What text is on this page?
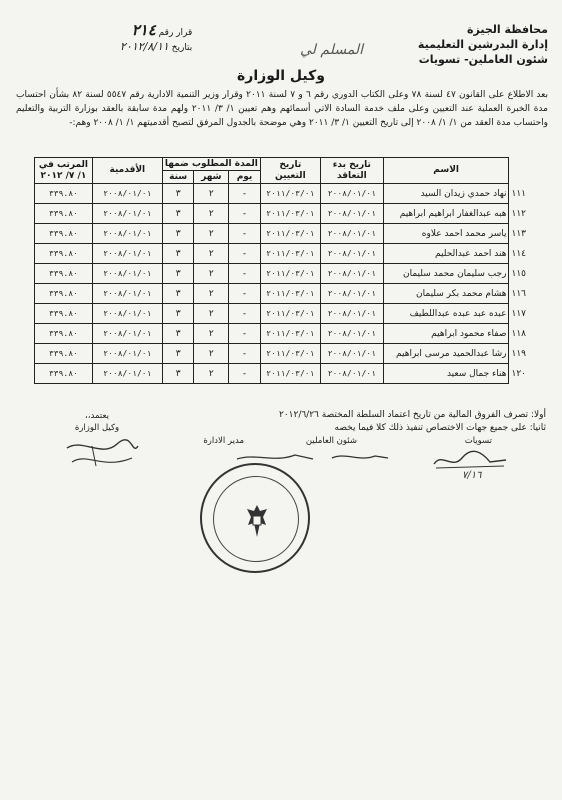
محافظة الجيزة
إدارة البدرشين التعليمية
شئون العاملين- تسويات
قرار رقم ٢١٤
بتاريخ ٢٠١٢/٨/١١	المسلم لي
وكيل الوزارة
بعد الاطلاع على القانون ٤٧ لسنة ٧٨ وعلى الكتاب الدوري رقم ٦ و ٧ لسنة ٢٠١١ وقرار وزير التنمية الادارية رقم ٥٥٤٧ لسنة ٨٢ بشأن احتساب مدة الخبرة العملية عند التعيين وعلى ملف خدمة السادة الاتي أسمائهم وهم تعيين ١/ ٣/ ٢٠١١ ولهم مدة سابقة بالعقد بوزارة التربية والتعليم واحتساب مدة العقد من ١/ ١/ ٢٠٠٨ إلى تاريخ التعيين ١/ ٣/ ٢٠١١ وهي موضحة بالجدول المرفق لتصبح أقدميتهم ١/ ١/ ٢٠٠٨ وهم:-
	الاسم	تاريخ بدء التعاقد	تاريخ التعيين	المدة المطلوب ضمها			الأقدمية	المرتب في ١/ ٧/ ٢٠١٢
				يوم	شهر	سنة		
١١١	نهاد حمدي زيدان السيد	٢٠٠٨/٠١/٠١	٢٠١١/٠٣/٠١	-	٢	٣	٢٠٠٨/٠١/٠١	٣٣٩.٨٠
١١٢	هبه عبدالغفار ابراهيم ابراهيم	٢٠٠٨/٠١/٠١	٢٠١١/٠٣/٠١	-	٢	٣	٢٠٠٨/٠١/٠١	٣٣٩.٨٠
١١٣	ياسر محمد احمد علاوه	٢٠٠٨/٠١/٠١	٢٠١١/٠٣/٠١	-	٢	٣	٢٠٠٨/٠١/٠١	٣٣٩.٨٠
١١٤	هند احمد عبدالحليم	٢٠٠٨/٠١/٠١	٢٠١١/٠٣/٠١	-	٢	٣	٢٠٠٨/٠١/٠١	٣٣٩.٨٠
١١٥	رجب سليمان محمد سليمان	٢٠٠٨/٠١/٠١	٢٠١١/٠٣/٠١	-	٢	٣	٢٠٠٨/٠١/٠١	٣٣٩.٨٠
١١٦	هشام محمد بكر سليمان	٢٠٠٨/٠١/٠١	٢٠١١/٠٣/٠١	-	٢	٣	٢٠٠٨/٠١/٠١	٣٣٩.٨٠
١١٧	عبده عبد عبده عبداللطيف	٢٠٠٨/٠١/٠١	٢٠١١/٠٣/٠١	-	٢	٣	٢٠٠٨/٠١/٠١	٣٣٩.٨٠
١١٨	صفاء محمود ابراهيم	٢٠٠٨/٠١/٠١	٢٠١١/٠٣/٠١	-	٢	٣	٢٠٠٨/٠١/٠١	٣٣٩.٨٠
١١٩	رشا عبدالحميد مرسى ابراهيم	٢٠٠٨/٠١/٠١	٢٠١١/٠٣/٠١	-	٢	٣	٢٠٠٨/٠١/٠١	٣٣٩.٨٠
١٢٠	هناء جمال سعيد	٢٠٠٨/٠١/٠١	٢٠١١/٠٣/٠١	-	٢	٣	٢٠٠٨/٠١/٠١	٣٣٩.٨٠
أولا: تصرف الفروق المالية من تاريخ اعتماد السلطة المختصة ٢٠١٢/٦/٢٦
ثانيا: على جميع جهات الاختصاص تنفيذ ذلك كلا فيما يخصه
تسويات
شئون العاملين
مدير الادارة
يعتمد،،
وكيل الوزارة
٧/١٦
